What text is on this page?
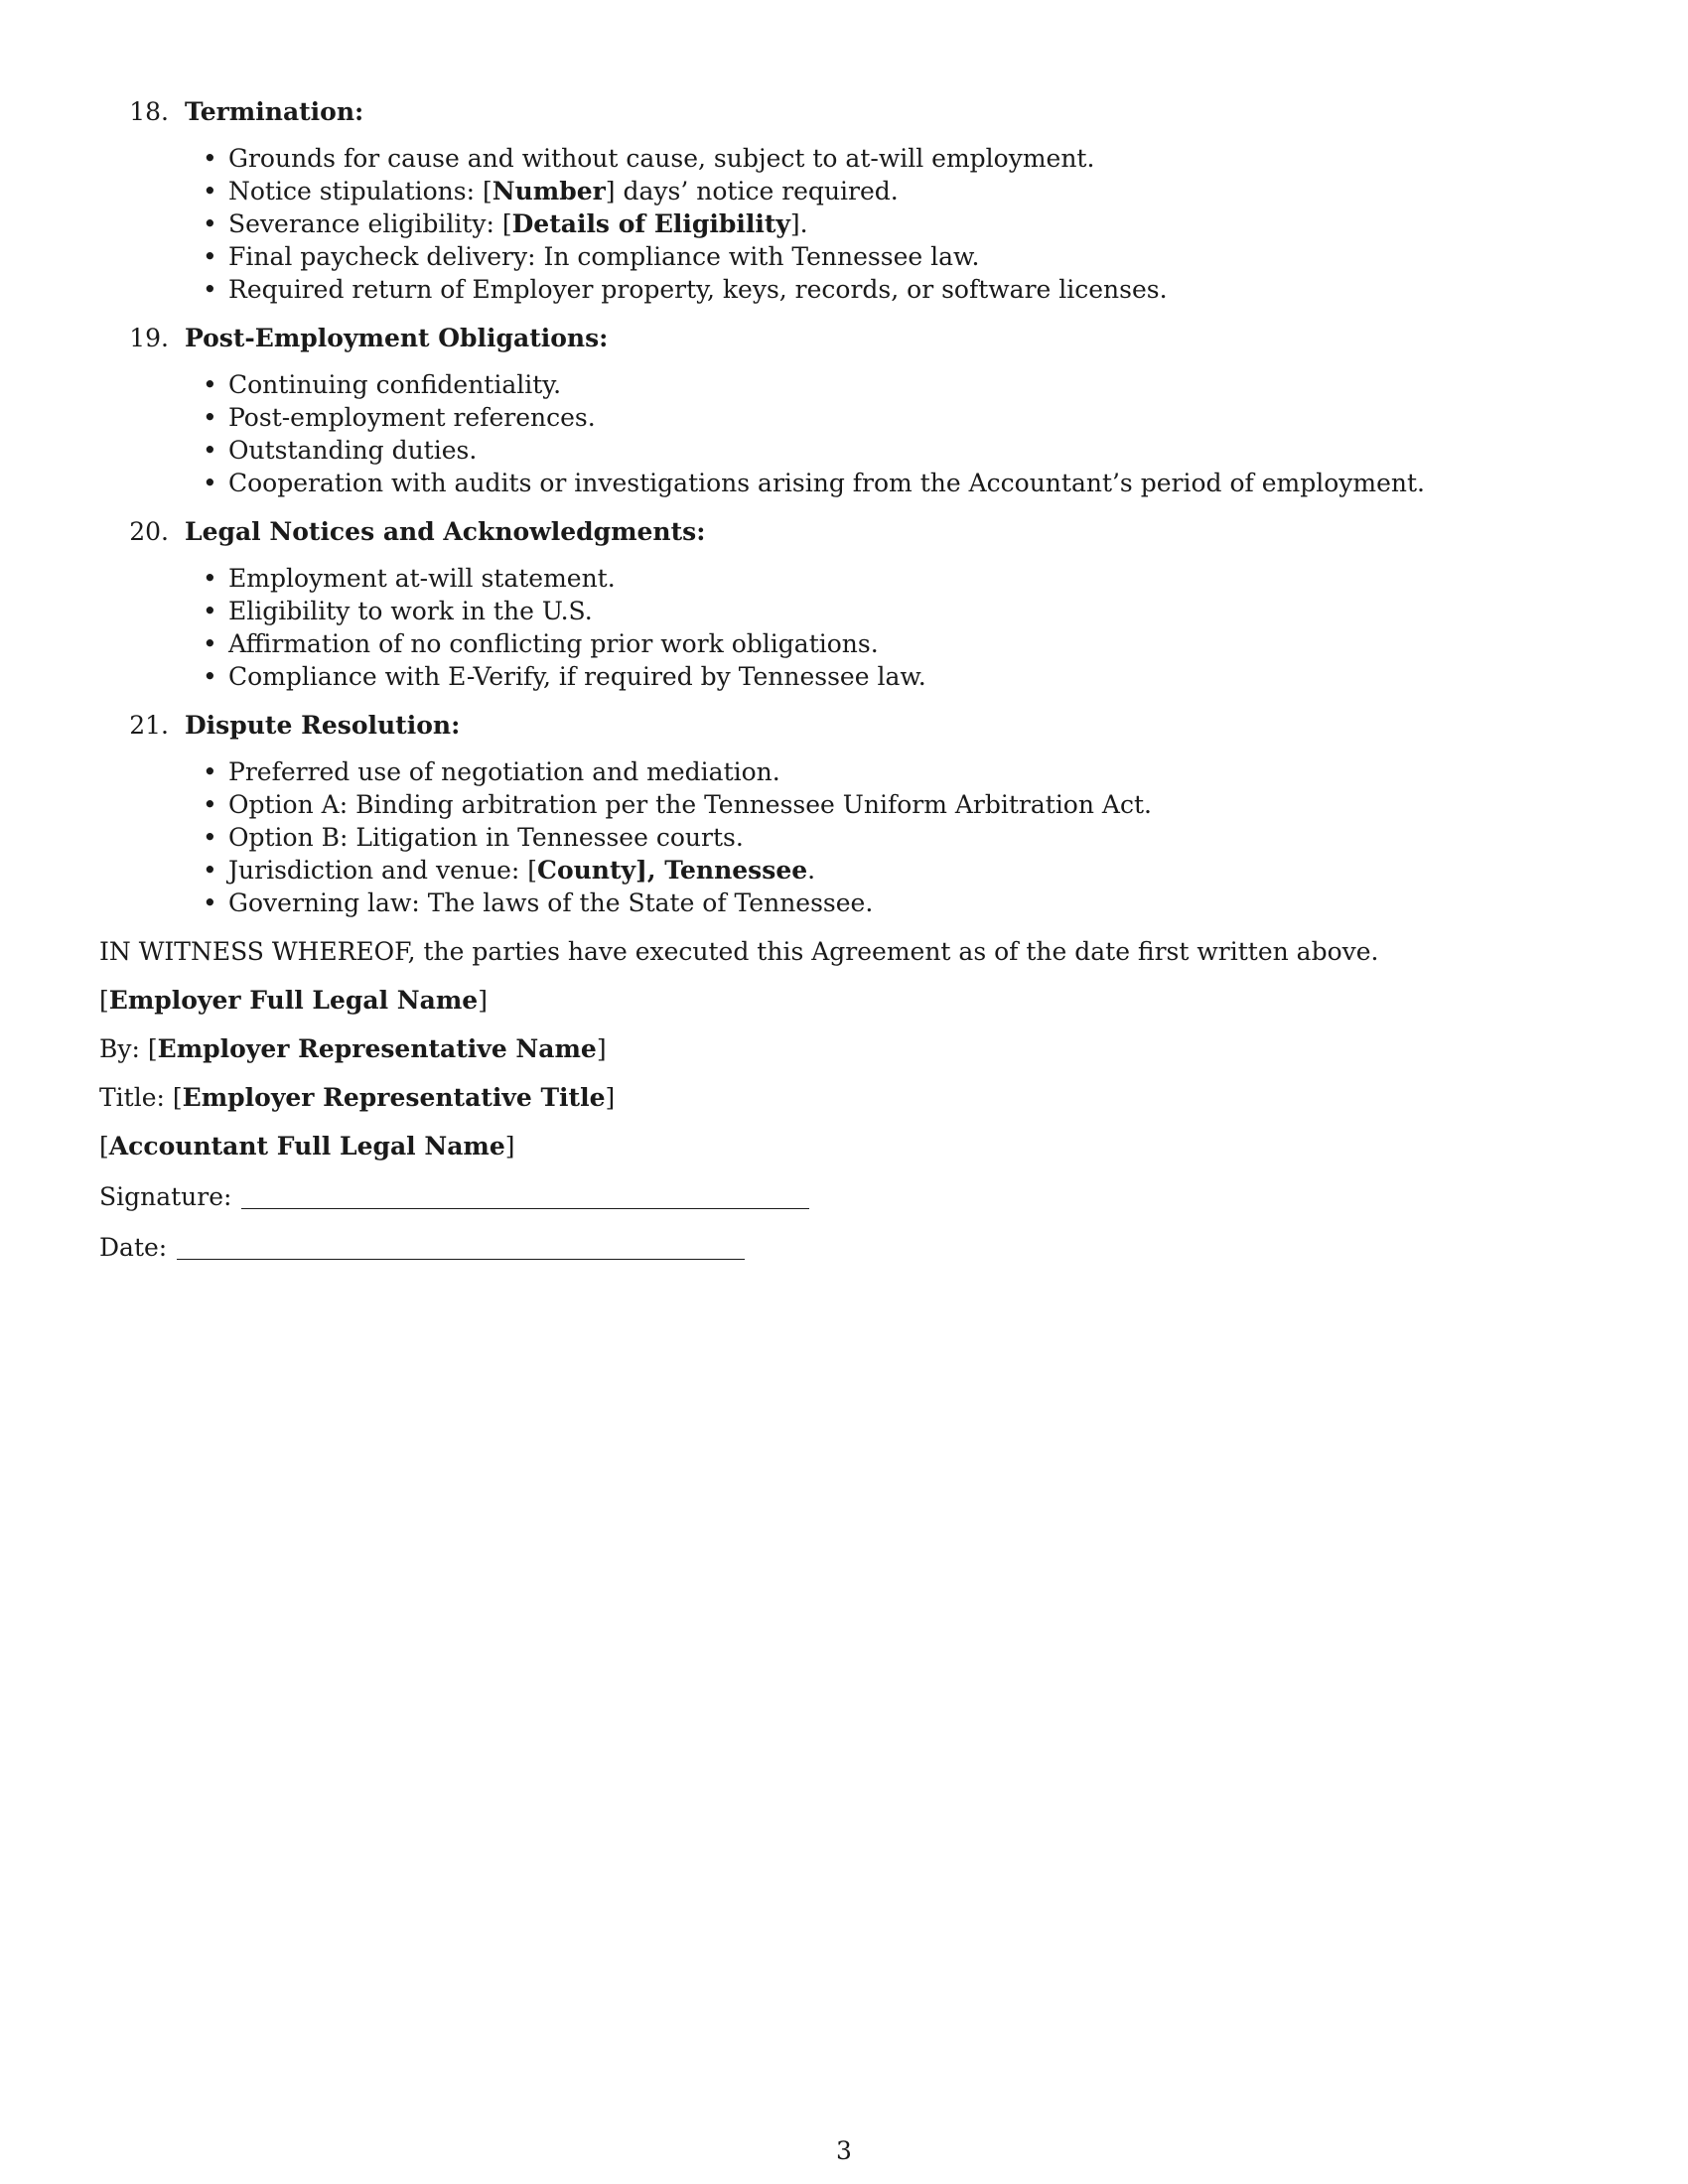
18. Termination:
• Grounds for cause and without cause, subject to at-will employment.
• Notice stipulations: [Number] days’ notice required.
• Severance eligibility: [Details of Eligibility].
• Final paycheck delivery: In compliance with Tennessee law.
• Required return of Employer property, keys, records, or software licenses.
19. Post-Employment Obligations:
• Continuing confidentiality.
• Post-employment references.
• Outstanding duties.
• Cooperation with audits or investigations arising from the Accountant’s period of employment.
20. Legal Notices and Acknowledgments:
• Employment at-will statement.
• Eligibility to work in the U.S.
• Affirmation of no conflicting prior work obligations.
• Compliance with E-Verify, if required by Tennessee law.
21. Dispute Resolution:
• Preferred use of negotiation and mediation.
• Option A: Binding arbitration per the Tennessee Uniform Arbitration Act.
• Option B: Litigation in Tennessee courts.
• Jurisdiction and venue: [County], Tennessee.
• Governing law: The laws of the State of Tennessee.

IN WITNESS WHEREOF, the parties have executed this Agreement as of the date first written above.

[Employer Full Legal Name]

By: [Employer Representative Name]

Title: [Employer Representative Title]

[Accountant Full Legal Name]

Signature:

Date:

3
